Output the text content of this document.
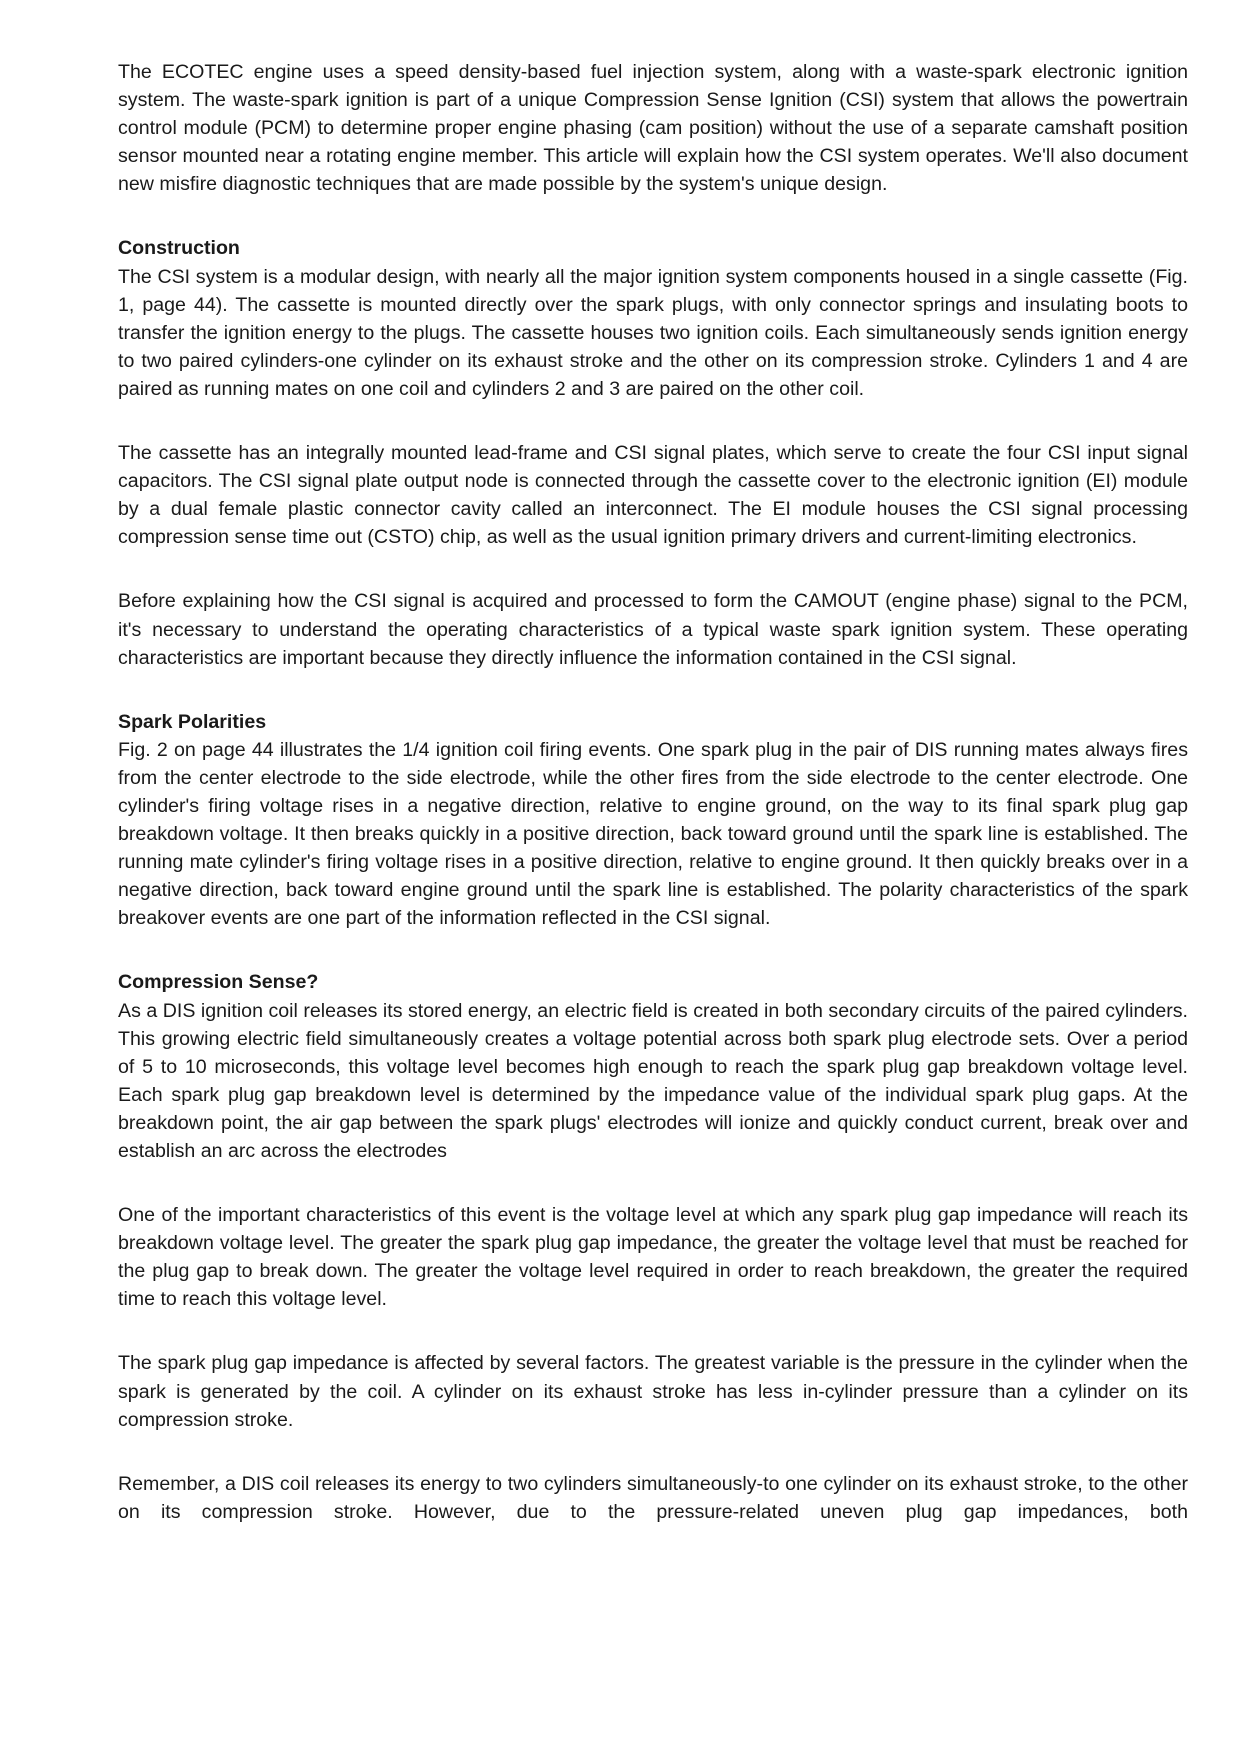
The ECOTEC engine uses a speed density-based fuel injection system, along with a waste-spark electronic ignition system. The waste-spark ignition is part of a unique Compression Sense Ignition (CSI) system that allows the powertrain control module (PCM) to determine proper engine phasing (cam position) without the use of a separate camshaft position sensor mounted near a rotating engine member. This article will explain how the CSI system operates. We'll also document new misfire diagnostic techniques that are made possible by the system's unique design.

Construction

The CSI system is a modular design, with nearly all the major ignition system components housed in a single cassette (Fig. 1, page 44). The cassette is mounted directly over the spark plugs, with only connector springs and insulating boots to transfer the ignition energy to the plugs. The cassette houses two ignition coils. Each simultaneously sends ignition energy to two paired cylinders-one cylinder on its exhaust stroke and the other on its compression stroke. Cylinders 1 and 4 are paired as running mates on one coil and cylinders 2 and 3 are paired on the other coil.

The cassette has an integrally mounted lead-frame and CSI signal plates, which serve to create the four CSI input signal capacitors. The CSI signal plate output node is connected through the cassette cover to the electronic ignition (EI) module by a dual female plastic connector cavity called an interconnect. The EI module houses the CSI signal processing compression sense time out (CSTO) chip, as well as the usual ignition primary drivers and current-limiting electronics.

Before explaining how the CSI signal is acquired and processed to form the CAMOUT (engine phase) signal to the PCM, it's necessary to understand the operating characteristics of a typical waste spark ignition system. These operating characteristics are important because they directly influence the information contained in the CSI signal.

Spark Polarities

Fig. 2 on page 44 illustrates the 1/4 ignition coil firing events. One spark plug in the pair of DIS running mates always fires from the center electrode to the side electrode, while the other fires from the side electrode to the center electrode. One cylinder's firing voltage rises in a negative direction, relative to engine ground, on the way to its final spark plug gap breakdown voltage. It then breaks quickly in a positive direction, back toward ground until the spark line is established. The running mate cylinder's firing voltage rises in a positive direction, relative to engine ground. It then quickly breaks over in a negative direction, back toward engine ground until the spark line is established. The polarity characteristics of the spark breakover events are one part of the information reflected in the CSI signal.

Compression Sense?

As a DIS ignition coil releases its stored energy, an electric field is created in both secondary circuits of the paired cylinders. This growing electric field simultaneously creates a voltage potential across both spark plug electrode sets. Over a period of 5 to 10 microseconds, this voltage level becomes high enough to reach the spark plug gap breakdown voltage level. Each spark plug gap breakdown level is determined by the impedance value of the individual spark plug gaps. At the breakdown point, the air gap between the spark plugs' electrodes will ionize and quickly conduct current, break over and establish an arc across the electrodes

One of the important characteristics of this event is the voltage level at which any spark plug gap impedance will reach its breakdown voltage level. The greater the spark plug gap impedance, the greater the voltage level that must be reached for the plug gap to break down. The greater the voltage level required in order to reach breakdown, the greater the required time to reach this voltage level.

The spark plug gap impedance is affected by several factors. The greatest variable is the pressure in the cylinder when the spark is generated by the coil. A cylinder on its exhaust stroke has less in-cylinder pressure than a cylinder on its compression stroke.

Remember, a DIS coil releases its energy to two cylinders simultaneously-to one cylinder on its exhaust stroke, to the other on its compression stroke. However, due to the pressure-related uneven plug gap impedances, both
